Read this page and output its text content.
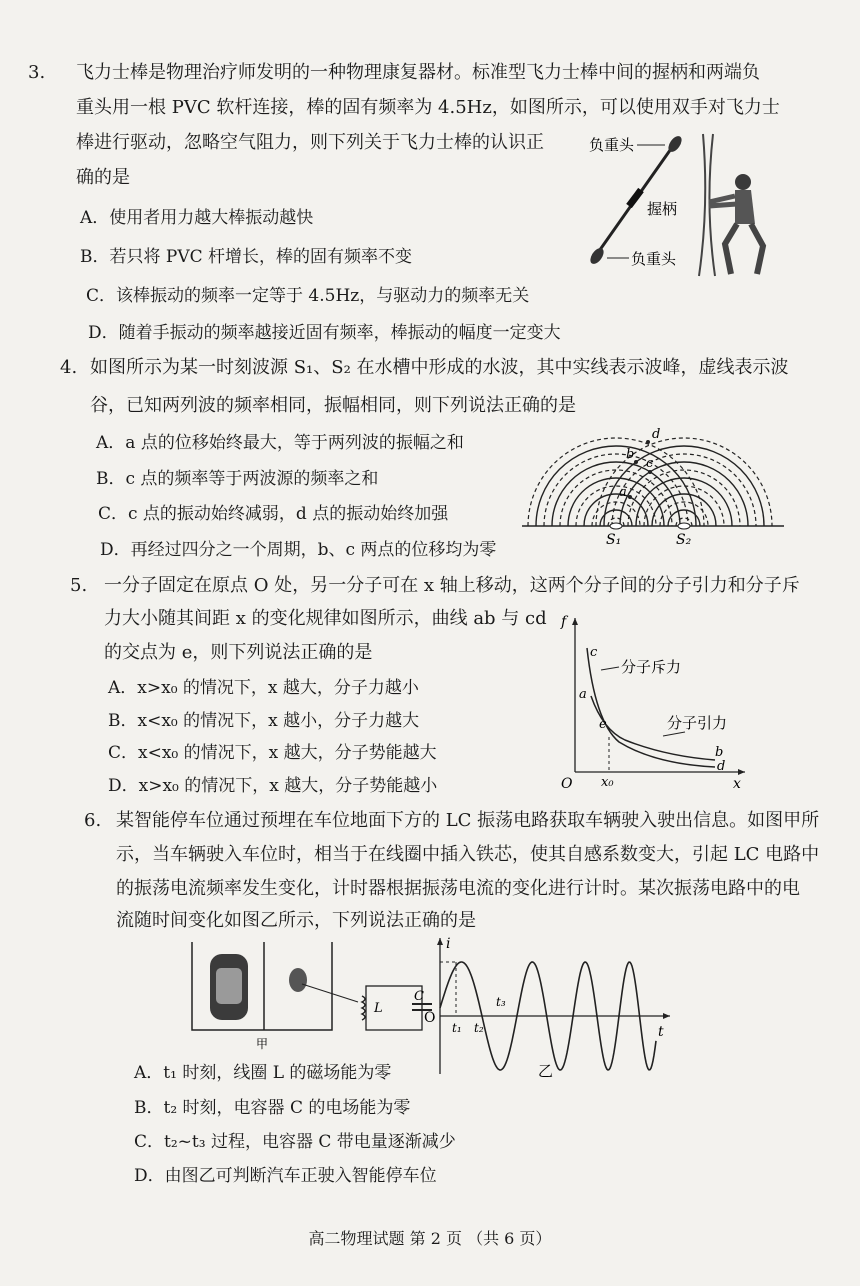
3. 飞力士棒是物理治疗师发明的一种物理康复器材。标准型飞力士棒中间的握柄和两端负
重头用一根 PVC 软杆连接，棒的固有频率为 4.5Hz，如图所示，可以使用双手对飞力士
棒进行驱动，忽略空气阻力，则下列关于飞力士棒的认识正
确的是
A．使用者用力越大棒振动越快
B．若只将 PVC 杆增长，棒的固有频率不变
C．该棒振动的频率一定等于 4.5Hz，与驱动力的频率无关
D．随着手振动的频率越接近固有频率，棒振动的幅度一定变大
负重头
握柄
负重头
4. 如图所示为某一时刻波源 S₁、S₂ 在水槽中形成的水波，其中实线表示波峰，虚线表示波
谷，已知两列波的频率相同，振幅相同，则下列说法正确的是
A．a 点的位移始终最大，等于两列波的振幅之和
B．c 点的频率等于两波源的频率之和
C．c 点的振动始终减弱，d 点的振动始终加强
D．再经过四分之一个周期，b、c 两点的位移均为零	S₁	S₂
a
b
c
d
5. 一分子固定在原点 O 处，另一分子可在 x 轴上移动，这两个分子间的分子引力和分子斥
力大小随其间距 x 的变化规律如图所示，曲线 ab 与 cd
的交点为 e，则下列说法正确的是
A．x>x₀ 的情况下，x 越大，分子力越小
B．x<x₀ 的情况下，x 越小，分子力越大
C．x<x₀ 的情况下，x 越大，分子势能越大
D．x>x₀ 的情况下，x 越大，分子势能越小
f
x
O x₀
c
a
e
b
d
分子斥力
分子引力
6. 某智能停车位通过预埋在车位地面下方的 LC 振荡电路获取车辆驶入驶出信息。如图甲所
示，当车辆驶入车位时，相当于在线圈中插入铁芯，使其自感系数变大，引起 LC 电路中
的振荡电流频率发生变化，计时器根据振荡电流的变化进行计时。某次振荡电路中的电
流随时间变化如图乙所示，下列说法正确的是
L
C
甲
i
t
O
t₁ t₂
t₃
乙
A．t₁ 时刻，线圈 L 的磁场能为零
B．t₂ 时刻，电容器 C 的电场能为零
C．t₂~t₃ 过程，电容器 C 带电量逐渐减少
D．由图乙可判断汽车正驶入智能停车位
高二物理试题 第 2 页 （共 6 页）
